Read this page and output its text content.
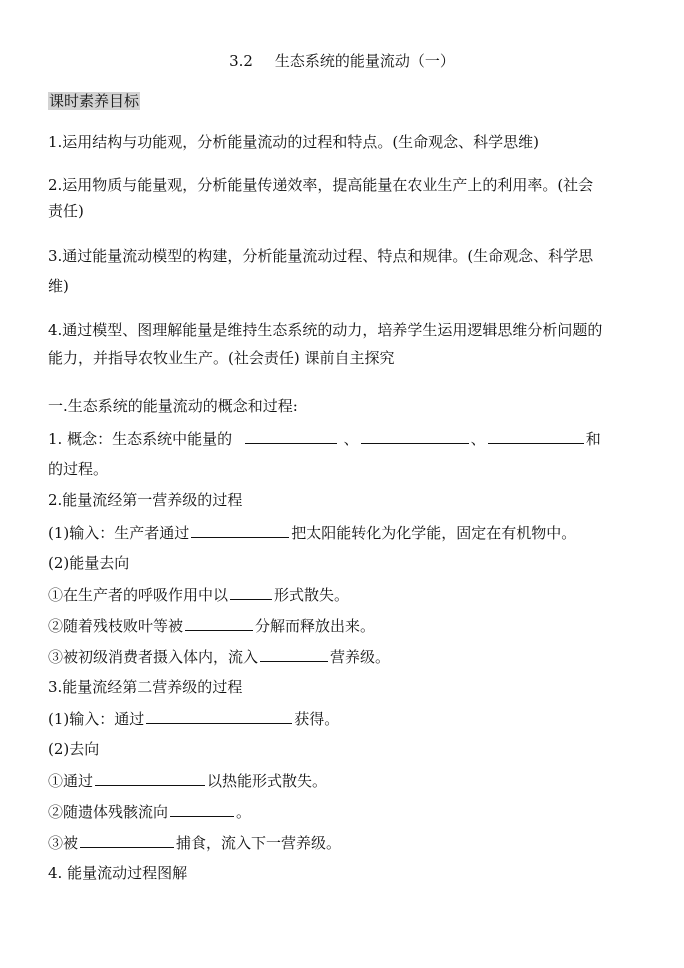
3.2 生态系统的能量流动（一）
课时素养目标
1.运用结构与功能观，分析能量流动的过程和特点。(生命观念、科学思维)
2.运用物质与能量观，分析能量传递效率，提高能量在农业生产上的利用率。(社会
责任)
3.通过能量流动模型的构建，分析能量流动过程、特点和规律。(生命观念、科学思
维)
4.通过模型、图理解能量是维持生态系统的动力，培养学生运用逻辑思维分析问题的
能力，并指导农牧业生产。(社会责任) 课前自主探究
一.生态系统的能量流动的概念和过程:
1. 概念：生态系统中能量的	、	、	和
的过程。
2.能量流经第一营养级的过程
(1)输入：生产者通过	把太阳能转化为化学能，固定在有机物中。
(2)能量去向
①在生产者的呼吸作用中以	形式散失。
②随着残枝败叶等被	分解而释放出来。
③被初级消费者摄入体内，流入	营养级。
3.能量流经第二营养级的过程
(1)输入：通过	获得。
(2)去向
①通过	以热能形式散失。
②随遗体残骸流向	。
③被	捕食，流入下一营养级。
4. 能量流动过程图解
